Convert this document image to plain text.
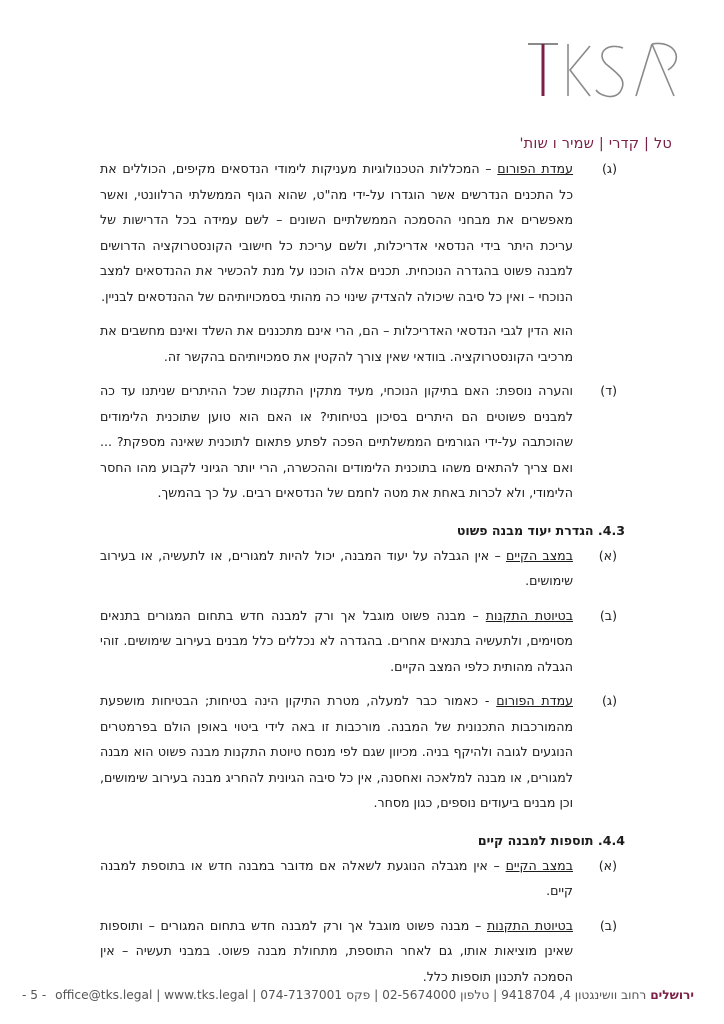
טל | קדרי | שמיר ו שות'
(ג)
עמדת הפורום – המכללות הטכנולוגיות מעניקות לימודי הנדסאים מקיפים, הכוללים את כל התכנים הנדרשים אשר הוגדרו על-ידי מה"ט, שהוא הגוף הממשלתי הרלוונטי, ואשר מאפשרים את מבחני ההסמכה הממשלתיים השונים – לשם עמידה בכל הדרישות של עריכת היתר בידי הנדסאי אדריכלות, ולשם עריכת כל חישובי הקונסטרוקציה הדרושים למבנה פשוט בהגדרה הנוכחית. תכנים אלה הוכנו על מנת להכשיר את ההנדסאים למצב הנוכחי – ואין כל סיבה שיכולה להצדיק שינוי כה מהותי בסמכויותיהם של ההנדסאים לבניין.
הוא הדין לגבי הנדסאי האדריכלות – הם, הרי אינם מתכננים את השלד ואינם מחשבים את מרכיבי הקונסטרוקציה. בוודאי שאין צורך להקטין את סמכויותיהם בהקשר זה.
(ד)
והערה נוספת: האם בתיקון הנוכחי, מעיד מתקין התקנות שכל ההיתרים שניתנו עד כה למבנים פשוטים הם היתרים בסיכון בטיחותי? או האם הוא טוען שתוכנית הלימודים שהוכתבה על-ידי הגורמים הממשלתיים הפכה לפתע פתאום לתוכנית שאינה מספקת? ... ואם צריך להתאים משהו בתוכנית הלימודים וההכשרה, הרי יותר הגיוני לקבוע מהו החסר הלימודי, ולא לכרות באחת את מטה לחמם של הנדסאים רבים. על כך בהמשך.
4.3. הגדרת יעוד מבנה פשוט
(א)
במצב הקיים – אין הגבלה על יעוד המבנה, יכול להיות למגורים, או לתעשיה, או בעירוב שימושים.
(ב)
בטיוטת התקנות – מבנה פשוט מוגבל אך ורק למבנה חדש בתחום המגורים בתנאים מסוימים, ולתעשיה בתנאים אחרים. בהגדרה לא נכללים כלל מבנים בעירוב שימושים. זוהי הגבלה מהותית כלפי המצב הקיים.
(ג)
עמדת הפורום - כאמור כבר למעלה, מטרת התיקון הינה בטיחות; הבטיחות מושפעת מהמורכבות התכנונית של המבנה. מורכבות זו באה לידי ביטוי באופן הולם בפרמטרים הנוגעים לגובה ולהיקף בניה. מכיוון שגם לפי מנסח טיוטת התקנות מבנה פשוט הוא מבנה למגורים, או מבנה למלאכה ואחסנה, אין כל סיבה הגיונית להחריג מבנה בעירוב שימושים, וכן מבנים ביעודים נוספים, כגון מסחר.
4.4. תוספות למבנה קיים
(א)
במצב הקיים – אין מגבלה הנוגעת לשאלה אם מדובר במבנה חדש או בתוספת למבנה קיים.
(ב)
בטיוטת התקנות – מבנה פשוט מוגבל אך ורק למבנה חדש בתחום המגורים – ותוספות שאינן מוציאות אותו, גם לאחר התוספת, מתחולת מבנה פשוט. במבני תעשיה – אין הסמכה לתכנון תוספות כלל.
- 5 -	ירושלים רחוב וושינגטון 4, 9418704 | טלפון 02-5674000 | פקס 074-7137001 | office@tks.legal | www.tks.legal
